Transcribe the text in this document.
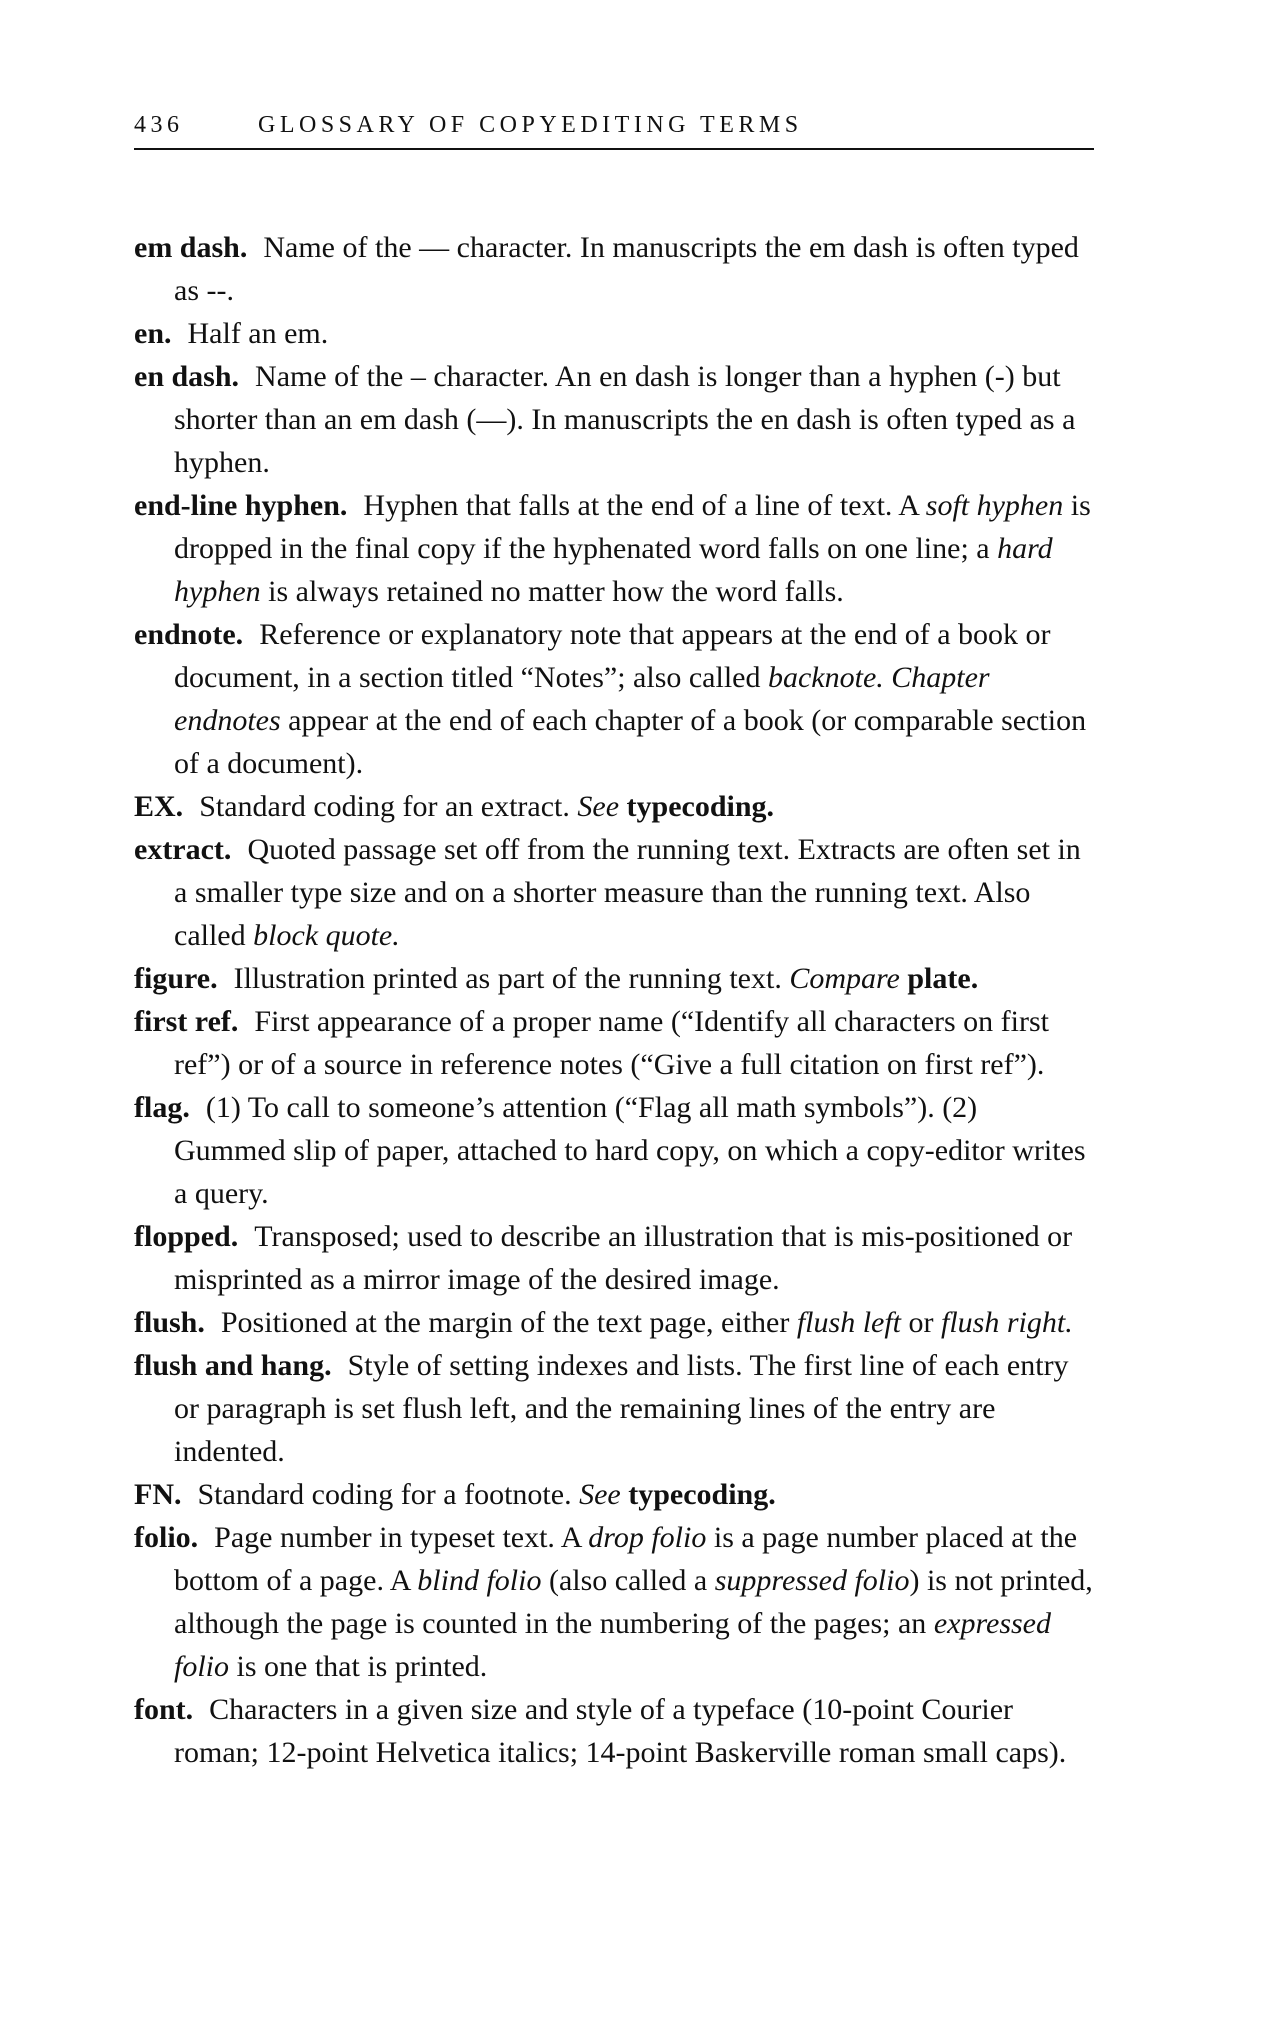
436	GLOSSARY OF COPYEDITING TERMS

em dash. Name of the — character. In manuscripts the em dash is often typed as --.

en. Half an em.

en dash. Name of the – character. An en dash is longer than a hyphen (-) but shorter than an em dash (—). In manuscripts the en dash is often typed as a hyphen.

end-line hyphen. Hyphen that falls at the end of a line of text. A soft hyphen is dropped in the final copy if the hyphenated word falls on one line; a hard hyphen is always retained no matter how the word falls.

endnote. Reference or explanatory note that appears at the end of a book or document, in a section titled “Notes”; also called backnote. Chapter endnotes appear at the end of each chapter of a book (or comparable section of a document).

EX. Standard coding for an extract. See typecoding.

extract. Quoted passage set off from the running text. Extracts are often set in a smaller type size and on a shorter measure than the running text. Also called block quote.

figure. Illustration printed as part of the running text. Compare plate.

first ref. First appearance of a proper name (“Identify all characters on first ref”) or of a source in reference notes (“Give a full citation on first ref”).

flag. (1) To call to someone’s attention (“Flag all math symbols”). (2) Gummed slip of paper, attached to hard copy, on which a copy-editor writes a query.

flopped. Transposed; used to describe an illustration that is mis-positioned or misprinted as a mirror image of the desired image.

flush. Positioned at the margin of the text page, either flush left or flush right.

flush and hang. Style of setting indexes and lists. The first line of each entry or paragraph is set flush left, and the remaining lines of the entry are indented.

FN. Standard coding for a footnote. See typecoding.

folio. Page number in typeset text. A drop folio is a page number placed at the bottom of a page. A blind folio (also called a suppressed folio) is not printed, although the page is counted in the numbering of the pages; an expressed folio is one that is printed.

font. Characters in a given size and style of a typeface (10-point Courier roman; 12-point Helvetica italics; 14-point Baskerville roman small caps).
